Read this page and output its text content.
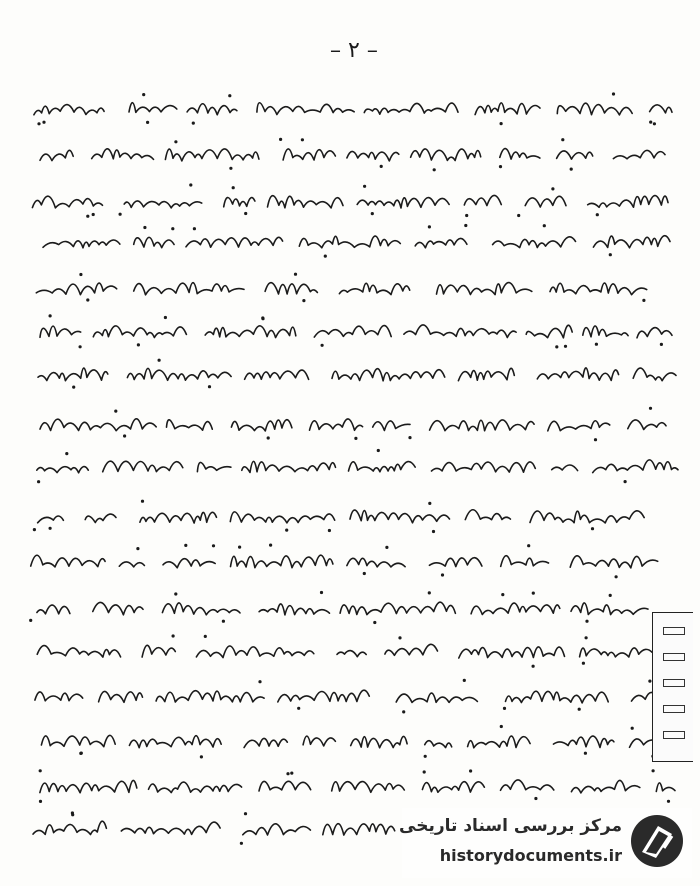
– ٢ –
مرکز بررسی اسناد تاریخی
historydocuments.ir
